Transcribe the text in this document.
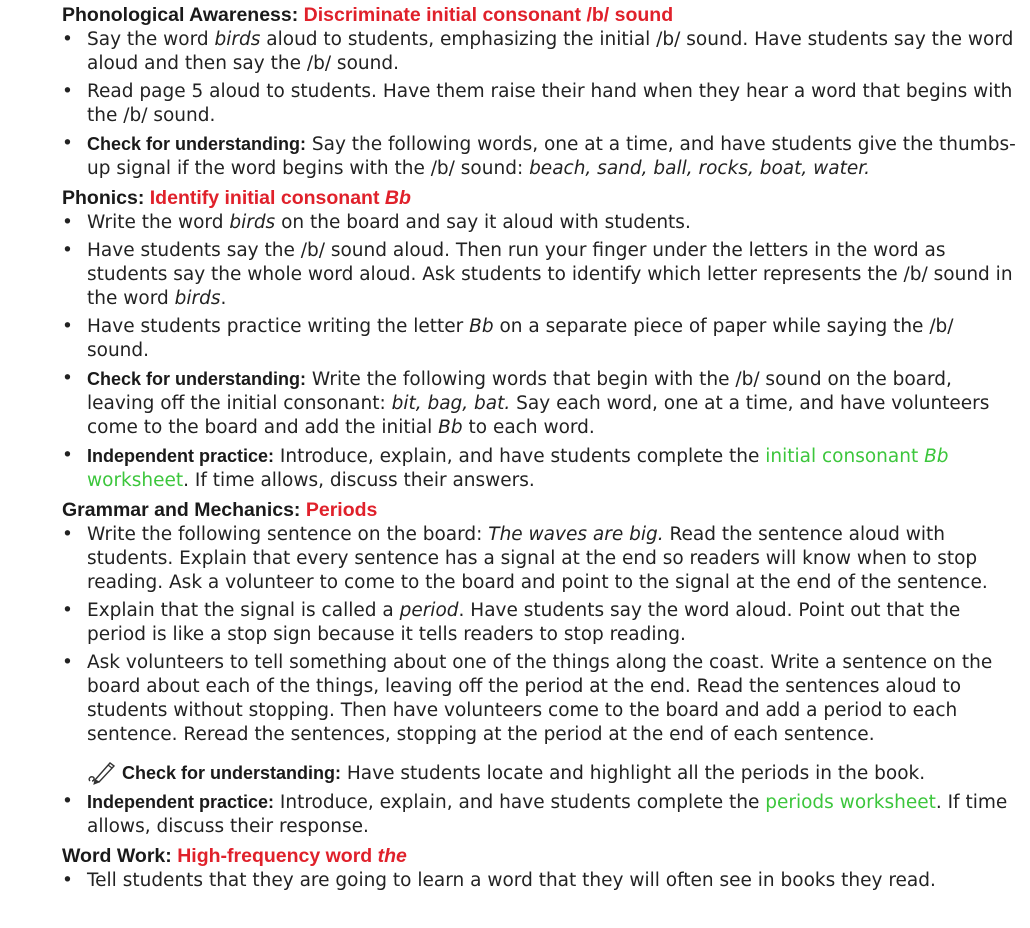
Phonological Awareness: Discriminate initial consonant /b/ sound
• Say the word birds aloud to students, emphasizing the initial /b/ sound. Have students say the word aloud and then say the /b/ sound.
• Read page 5 aloud to students. Have them raise their hand when they hear a word that begins with the /b/ sound.
• Check for understanding: Say the following words, one at a time, and have students give the thumbs-up signal if the word begins with the /b/ sound: beach, sand, ball, rocks, boat, water.
Phonics: Identify initial consonant Bb
• Write the word birds on the board and say it aloud with students.
• Have students say the /b/ sound aloud. Then run your finger under the letters in the word as students say the whole word aloud. Ask students to identify which letter represents the /b/ sound in the word birds.
• Have students practice writing the letter Bb on a separate piece of paper while saying the /b/ sound.
• Check for understanding: Write the following words that begin with the /b/ sound on the board, leaving off the initial consonant: bit, bag, bat. Say each word, one at a time, and have volunteers come to the board and add the initial Bb to each word.
• Independent practice: Introduce, explain, and have students complete the initial consonant Bb worksheet. If time allows, discuss their answers.
Grammar and Mechanics: Periods
• Write the following sentence on the board: The waves are big. Read the sentence aloud with students. Explain that every sentence has a signal at the end so readers will know when to stop reading. Ask a volunteer to come to the board and point to the signal at the end of the sentence.
• Explain that the signal is called a period. Have students say the word aloud. Point out that the period is like a stop sign because it tells readers to stop reading.
• Ask volunteers to tell something about one of the things along the coast. Write a sentence on the board about each of the things, leaving off the period at the end. Read the sentences aloud to students without stopping. Then have volunteers come to the board and add a period to each sentence. Reread the sentences, stopping at the period at the end of each sentence.
Check for understanding: Have students locate and highlight all the periods in the book.
• Independent practice: Introduce, explain, and have students complete the periods worksheet. If time allows, discuss their response.
Word Work: High-frequency word the
• Tell students that they are going to learn a word that they will often see in books they read.
